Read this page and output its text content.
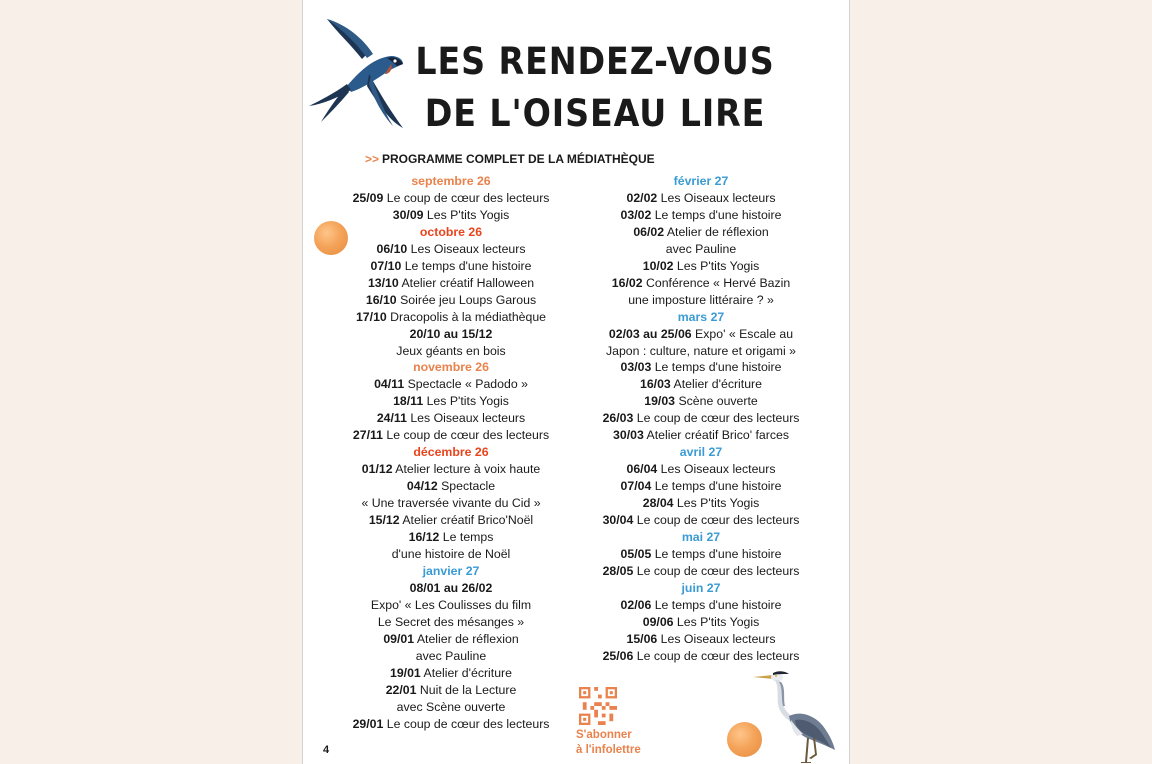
LES RENDEZ-VOUS
DE L'OISEAU LIRE
>> PROGRAMME COMPLET DE LA MÉDIATHÈQUE
septembre 26
25/09 Le coup de cœur des lecteurs
30/09 Les P'tits Yogis
octobre 26
06/10 Les Oiseaux lecteurs
07/10 Le temps d'une histoire
13/10 Atelier créatif Halloween
16/10 Soirée jeu Loups Garous
17/10 Dracopolis à la médiathèque
20/10 au 15/12
Jeux géants en bois
novembre 26
04/11 Spectacle « Padodo »
18/11 Les P'tits Yogis
24/11 Les Oiseaux lecteurs
27/11 Le coup de cœur des lecteurs
décembre 26
01/12 Atelier lecture à voix haute
04/12 Spectacle
« Une traversée vivante du Cid »
15/12 Atelier créatif Brico'Noël
16/12 Le temps
d'une histoire de Noël
janvier 27
08/01 au 26/02
Expo' « Les Coulisses du film
Le Secret des mésanges »
09/01 Atelier de réflexion
avec Pauline
19/01 Atelier d'écriture
22/01 Nuit de la Lecture
avec Scène ouverte
29/01 Le coup de cœur des lecteurs
février 27
02/02 Les Oiseaux lecteurs
03/02 Le temps d'une histoire
06/02 Atelier de réflexion
avec Pauline
10/02 Les P'tits Yogis
16/02 Conférence « Hervé Bazin
une imposture littéraire ? »
mars 27
02/03 au 25/06 Expo' « Escale au
Japon : culture, nature et origami »
03/03 Le temps d'une histoire
16/03 Atelier d'écriture
19/03 Scène ouverte
26/03 Le coup de cœur des lecteurs
30/03 Atelier créatif Brico' farces
avril 27
06/04 Les Oiseaux lecteurs
07/04 Le temps d'une histoire
28/04 Les P'tits Yogis
30/04 Le coup de cœur des lecteurs
mai 27
05/05 Le temps d'une histoire
28/05 Le coup de cœur des lecteurs
juin 27
02/06 Le temps d'une histoire
09/06 Les P'tits Yogis
15/06 Les Oiseaux lecteurs
25/06 Le coup de cœur des lecteurs
S'abonner
à l'infolettre
4
